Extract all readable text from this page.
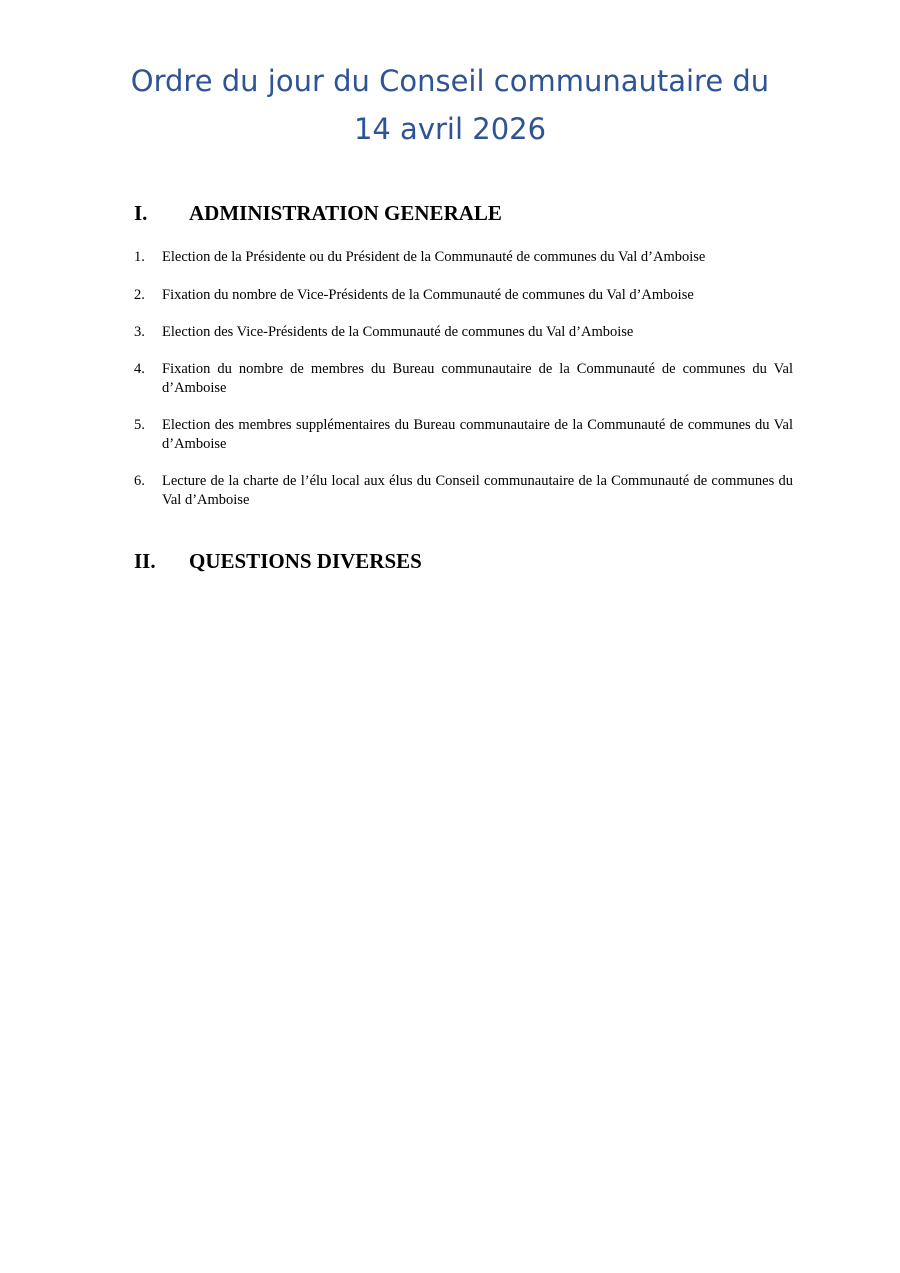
Ordre du jour du Conseil communautaire du
14 avril 2026
I. ADMINISTRATION GENERALE
1.	Election de la Présidente ou du Président de la Communauté de communes du Val d’Amboise
2.	Fixation du nombre de Vice-Présidents de la Communauté de communes du Val d’Amboise
3.	Election des Vice-Présidents de la Communauté de communes du Val d’Amboise
4.	Fixation du nombre de membres du Bureau communautaire de la Communauté de communes du Val d’Amboise
5.	Election des membres supplémentaires du Bureau communautaire de la Communauté de communes du Val d’Amboise
6.	Lecture de la charte de l’élu local aux élus du Conseil communautaire de la Communauté de communes du Val d’Amboise
II. QUESTIONS DIVERSES
